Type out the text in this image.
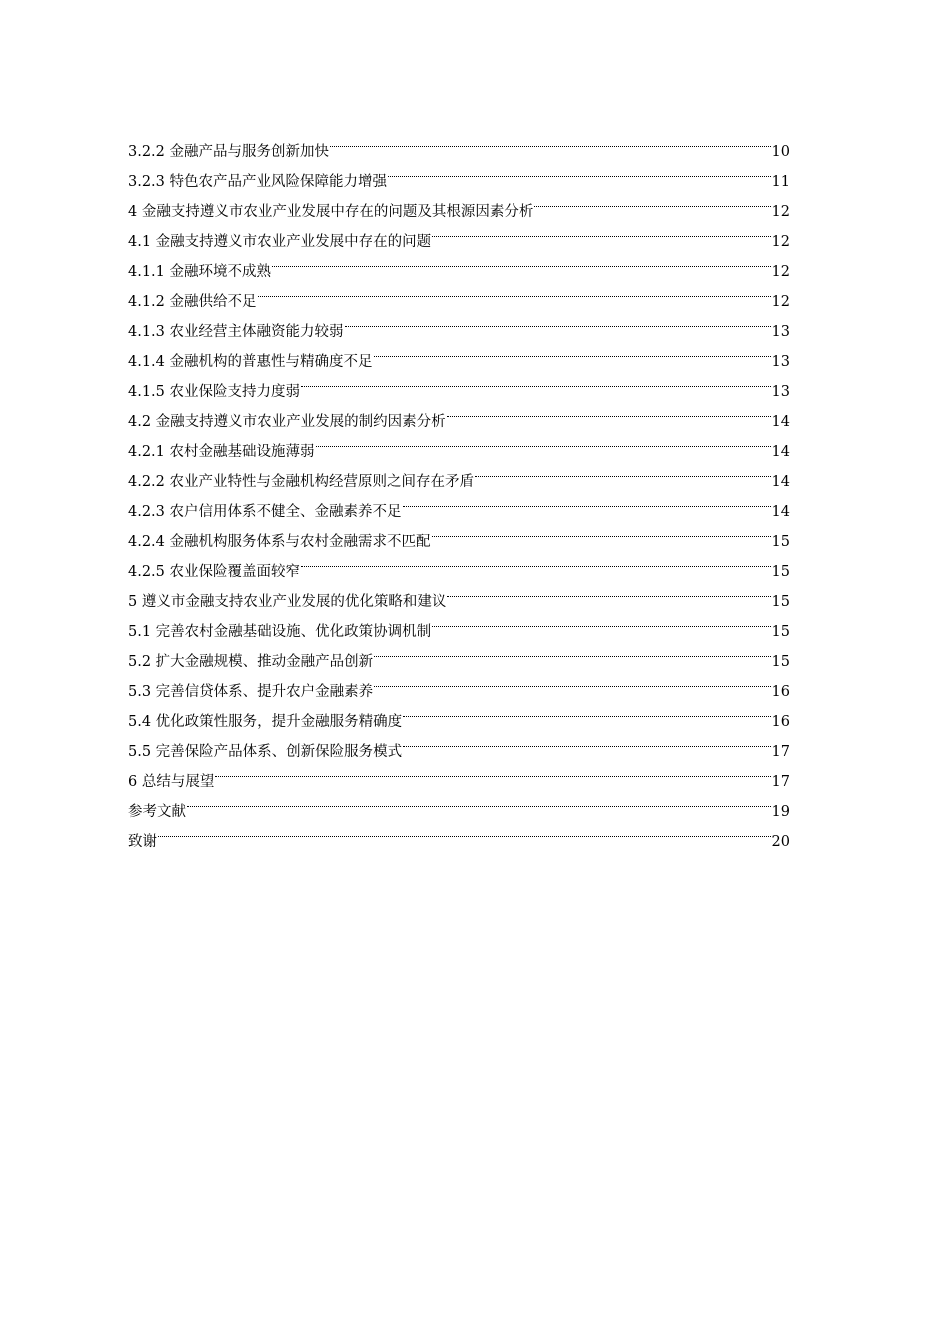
3.2.2 金融产品与服务创新加快	10
3.2.3 特色农产品产业风险保障能力增强	11
4 金融支持遵义市农业产业发展中存在的问题及其根源因素分析	12
4.1 金融支持遵义市农业产业发展中存在的问题	12
4.1.1 金融环境不成熟	12
4.1.2 金融供给不足	12
4.1.3 农业经营主体融资能力较弱	13
4.1.4 金融机构的普惠性与精确度不足	13
4.1.5 农业保险支持力度弱	13
4.2 金融支持遵义市农业产业发展的制约因素分析	14
4.2.1 农村金融基础设施薄弱	14
4.2.2 农业产业特性与金融机构经营原则之间存在矛盾	14
4.2.3 农户信用体系不健全、金融素养不足	14
4.2.4 金融机构服务体系与农村金融需求不匹配	15
4.2.5 农业保险覆盖面较窄	15
5 遵义市金融支持农业产业发展的优化策略和建议	15
5.1 完善农村金融基础设施、优化政策协调机制	15
5.2 扩大金融规模、推动金融产品创新	15
5.3 完善信贷体系、提升农户金融素养	16
5.4 优化政策性服务，提升金融服务精确度	16
5.5 完善保险产品体系、创新保险服务模式	17
6 总结与展望	17
参考文献	19
致谢	20
